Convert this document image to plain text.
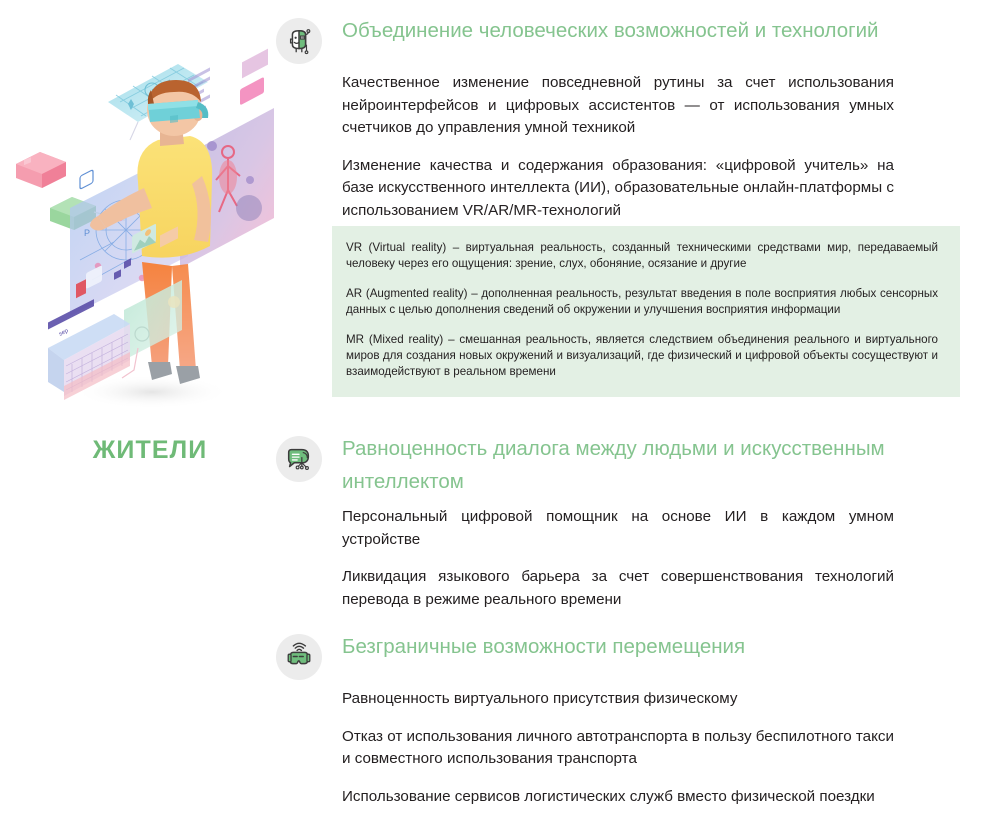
P
sep
ЖИТЕЛИ
Объединение человеческих возможностей и технологий

Качественное изменение повседневной рутины за счет использования нейроинтерфейсов и цифровых ассистентов — от использования умных счетчиков до управления умной техникой

Изменение качества и содержания образования: «цифровой учитель» на базе искусственного интеллекта (ИИ), образовательные онлайн-платформы с использованием VR/AR/MR-технологий

VR (Virtual reality) – виртуальная реальность, созданный техническими средствами мир, передаваемый человеку через его ощущения: зрение, слух, обоняние, осязание и другие

AR (Augmented reality) – дополненная реальность, результат введения в поле восприятия любых сенсорных данных с целью дополнения сведений об окружении и улучшения восприятия информации

MR (Mixed reality) – смешанная реальность, является следствием объединения реального и виртуального миров для создания новых окружений и визуализаций, где физический и цифровой объекты сосуществуют и взаимодействуют в реальном времени

Равноценность диалога между людьми и искусственным интеллектом

Персональный цифровой помощник на основе ИИ в каждом умном устройстве

Ликвидация языкового барьера за счет совершенствования технологий перевода в режиме реального времени

Безграничные возможности перемещения

Равноценность виртуального присутствия физическому

Отказ от использования личного автотранспорта в пользу беспилотного такси и совместного использования транспорта

Использование сервисов логистических служб вместо физической поездки
